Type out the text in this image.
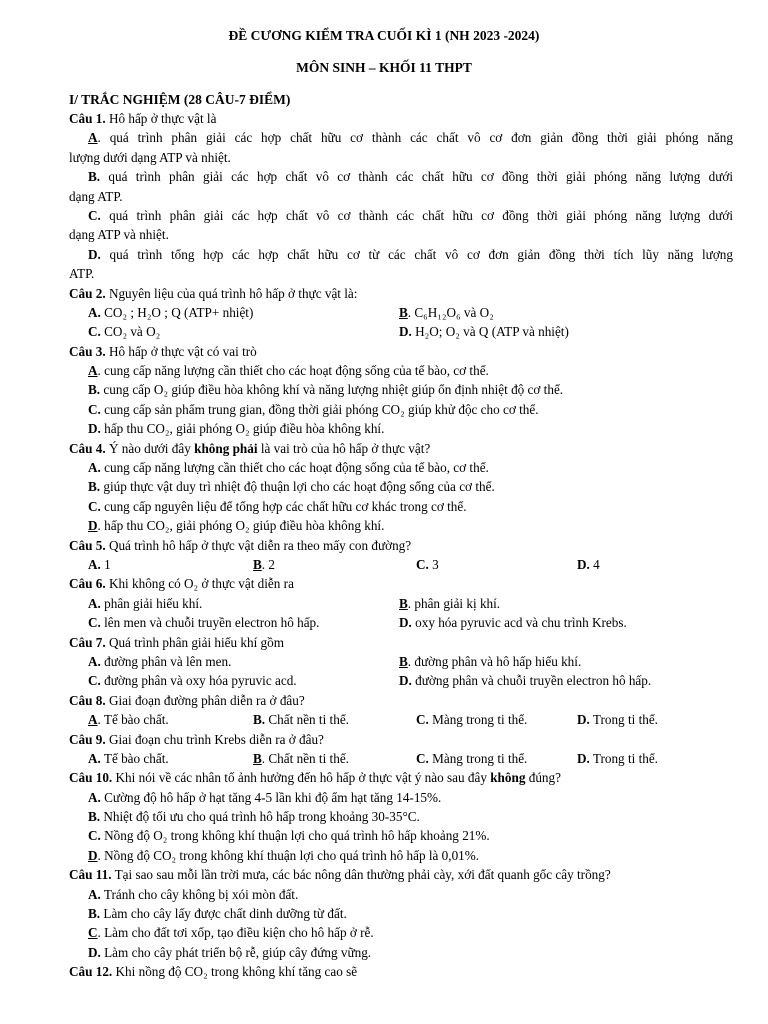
ĐỀ CƯƠNG KIỂM TRA CUỐI KÌ 1 (NH 2023 -2024)
MÔN SINH – KHỐI 11 THPT
I/ TRẮC NGHIỆM (28 CÂU-7 ĐIỂM)
Câu 1. Hô hấp ở thực vật là
A. quá trình phân giải các hợp chất hữu cơ thành các chất vô cơ đơn giản đồng thời giải phóng năng
lượng dưới dạng ATP và nhiệt.
B. quá trình phân giải các hợp chất vô cơ thành các chất hữu cơ đồng thời giải phóng năng lượng dưới
dạng ATP.
C. quá trình phân giải các hợp chất vô cơ thành các chất hữu cơ đồng thời giải phóng năng lượng dưới
dạng ATP và nhiệt.
D. quá trình tổng hợp các hợp chất hữu cơ từ các chất vô cơ đơn giản đồng thời tích lũy năng lượng
ATP.
Câu 2. Nguyên liệu của quá trình hô hấp ở thực vật là:
A. CO₂ ; H₂O ; Q (ATP+ nhiệt)	B. C₆H₁₂O₆ và O₂
C. CO₂ và O₂	D. H₂O; O₂ và Q (ATP và nhiệt)
Câu 3. Hô hấp ở thực vật có vai trò
A. cung cấp năng lượng cần thiết cho các hoạt động sống của tế bào, cơ thể.
B. cung cấp O₂ giúp điều hòa không khí và năng lượng nhiệt giúp ổn định nhiệt độ cơ thể.
C. cung cấp sản phẩm trung gian, đồng thời giải phóng CO₂ giúp khử độc cho cơ thể.
D. hấp thu CO₂, giải phóng O₂ giúp điều hòa không khí.
Câu 4. Ý nào dưới đây không phải là vai trò của hô hấp ở thực vật?
A. cung cấp năng lượng cần thiết cho các hoạt động sống của tế bào, cơ thể.
B. giúp thực vật duy trì nhiệt độ thuận lợi cho các hoạt động sống của cơ thể.
C. cung cấp nguyên liệu để tổng hợp các chất hữu cơ khác trong cơ thể.
D. hấp thu CO₂, giải phóng O₂ giúp điều hòa không khí.
Câu 5. Quá trình hô hấp ở thực vật diễn ra theo mấy con đường?
A. 1	B. 2	C. 3	D. 4
Câu 6. Khi không có O₂ ở thực vật diễn ra
A. phân giải hiếu khí.	B. phân giải kị khí.
C. lên men và chuỗi truyền electron hô hấp.	D. oxy hóa pyruvic acd và chu trình Krebs.
Câu 7. Quá trình phân giải hiếu khí gồm
A. đường phân và lên men.	B. đường phân và hô hấp hiếu khí.
C. đường phân và oxy hóa pyruvic acd.	D. đường phân và chuỗi truyền electron hô hấp.
Câu 8. Giai đoạn đường phân diễn ra ở đâu?
A. Tế bào chất.	B. Chất nền ti thể.	C. Màng trong ti thể.	D. Trong ti thể.
Câu 9. Giai đoạn chu trình Krebs diễn ra ở đâu?
A. Tế bào chất.	B. Chất nền ti thể.	C. Màng trong ti thể.	D. Trong ti thể.
Câu 10. Khi nói về các nhân tố ảnh hưởng đến hô hấp ở thực vật ý nào sau đây không đúng?
A. Cường độ hô hấp ở hạt tăng 4-5 lần khi độ ẩm hạt tăng 14-15%.
B. Nhiệt độ tối ưu cho quá trình hô hấp trong khoảng 30-35°C.
C. Nồng độ O₂ trong không khí thuận lợi cho quá trình hô hấp khoảng 21%.
D. Nồng độ CO₂ trong không khí thuận lợi cho quá trình hô hấp là 0,01%.
Câu 11. Tại sao sau mỗi lần trời mưa, các bác nông dân thường phải cày, xới đất quanh gốc cây trồng?
A. Tránh cho cây không bị xói mòn đất.
B. Làm cho cây lấy được chất dinh dưỡng từ đất.
C. Làm cho đất tơi xốp, tạo điều kiện cho hô hấp ở rễ.
D. Làm cho cây phát triển bộ rễ, giúp cây đứng vững.
Câu 12. Khi nồng độ CO₂ trong không khí tăng cao sẽ
